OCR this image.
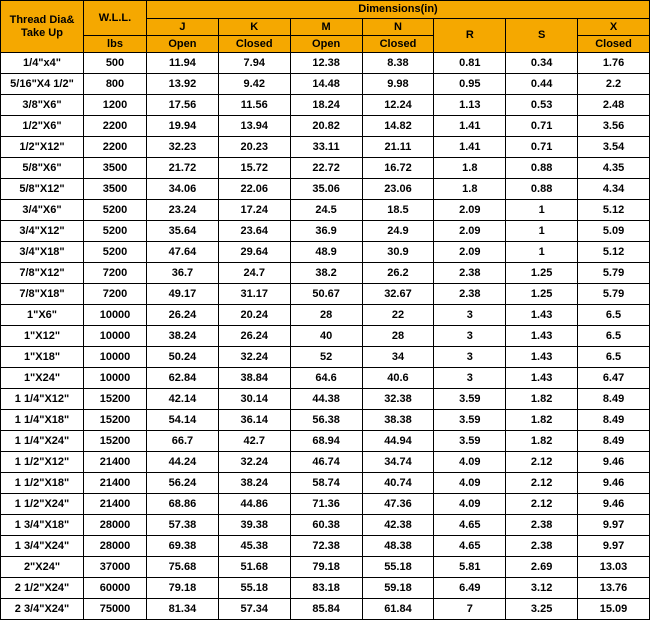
Thread Dia& Take Up	W.L.L.	Dimensions(in)						
		J	K	M	N	R	S	X
	lbs	Open	Closed	Open	Closed			Closed
1/4"x4"	500	11.94	7.94	12.38	8.38	0.81	0.34	1.76
5/16"X4 1/2"	800	13.92	9.42	14.48	9.98	0.95	0.44	2.2
3/8"X6"	1200	17.56	11.56	18.24	12.24	1.13	0.53	2.48
1/2"X6"	2200	19.94	13.94	20.82	14.82	1.41	0.71	3.56
1/2"X12"	2200	32.23	20.23	33.11	21.11	1.41	0.71	3.54
5/8"X6"	3500	21.72	15.72	22.72	16.72	1.8	0.88	4.35
5/8"X12"	3500	34.06	22.06	35.06	23.06	1.8	0.88	4.34
3/4"X6"	5200	23.24	17.24	24.5	18.5	2.09	1	5.12
3/4"X12"	5200	35.64	23.64	36.9	24.9	2.09	1	5.09
3/4"X18"	5200	47.64	29.64	48.9	30.9	2.09	1	5.12
7/8"X12"	7200	36.7	24.7	38.2	26.2	2.38	1.25	5.79
7/8"X18"	7200	49.17	31.17	50.67	32.67	2.38	1.25	5.79
1"X6"	10000	26.24	20.24	28	22	3	1.43	6.5
1"X12"	10000	38.24	26.24	40	28	3	1.43	6.5
1"X18"	10000	50.24	32.24	52	34	3	1.43	6.5
1"X24"	10000	62.84	38.84	64.6	40.6	3	1.43	6.47
1 1/4"X12"	15200	42.14	30.14	44.38	32.38	3.59	1.82	8.49
1 1/4"X18"	15200	54.14	36.14	56.38	38.38	3.59	1.82	8.49
1 1/4"X24"	15200	66.7	42.7	68.94	44.94	3.59	1.82	8.49
1 1/2"X12"	21400	44.24	32.24	46.74	34.74	4.09	2.12	9.46
1 1/2"X18"	21400	56.24	38.24	58.74	40.74	4.09	2.12	9.46
1 1/2"X24"	21400	68.86	44.86	71.36	47.36	4.09	2.12	9.46
1 3/4"X18"	28000	57.38	39.38	60.38	42.38	4.65	2.38	9.97
1 3/4"X24"	28000	69.38	45.38	72.38	48.38	4.65	2.38	9.97
2"X24"	37000	75.68	51.68	79.18	55.18	5.81	2.69	13.03
2 1/2"X24"	60000	79.18	55.18	83.18	59.18	6.49	3.12	13.76
2 3/4"X24"	75000	81.34	57.34	85.84	61.84	7	3.25	15.09
